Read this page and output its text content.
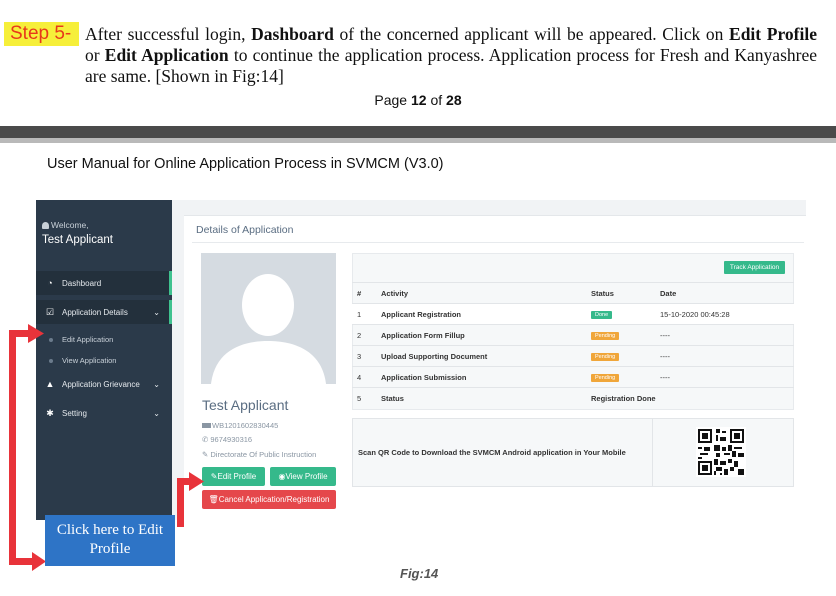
Step 5- After successful login, Dashboard of the concerned applicant will be appeared. Click on Edit Profile or Edit Application to continue the application process. Application process for Fresh and Kanyashree are same. [Shown in Fig:14]
Page 12 of 28
User Manual for Online Application Process in SVMCM (V3.0)
Welcome,
Test Applicant
◔	Dashboard
☑ Application Details	⌄
▲ Application Grievance ⌄
✱ Setting	⌄
Edit Application
View Application
Details of Application
Test Applicant
WB1201602830445
✆ 9674930316
✎ Directorate Of Public Instruction
✎ Edit Profile	◉ View Profile
🗑 Cancel Application/Registration
Track Application
#	Activity	Status	Date
1	Applicant Registration	Done	15-10-2020 00:45:28
2	Application Form Fillup	Pending	----
3	Upload Supporting Document	Pending	----
4	Application Submission	Pending	----
5	Status	Registration Done	
Scan QR Code to Download the SVMCM Android application in Your Mobile
Click here to Edit Profile
Fig:14
